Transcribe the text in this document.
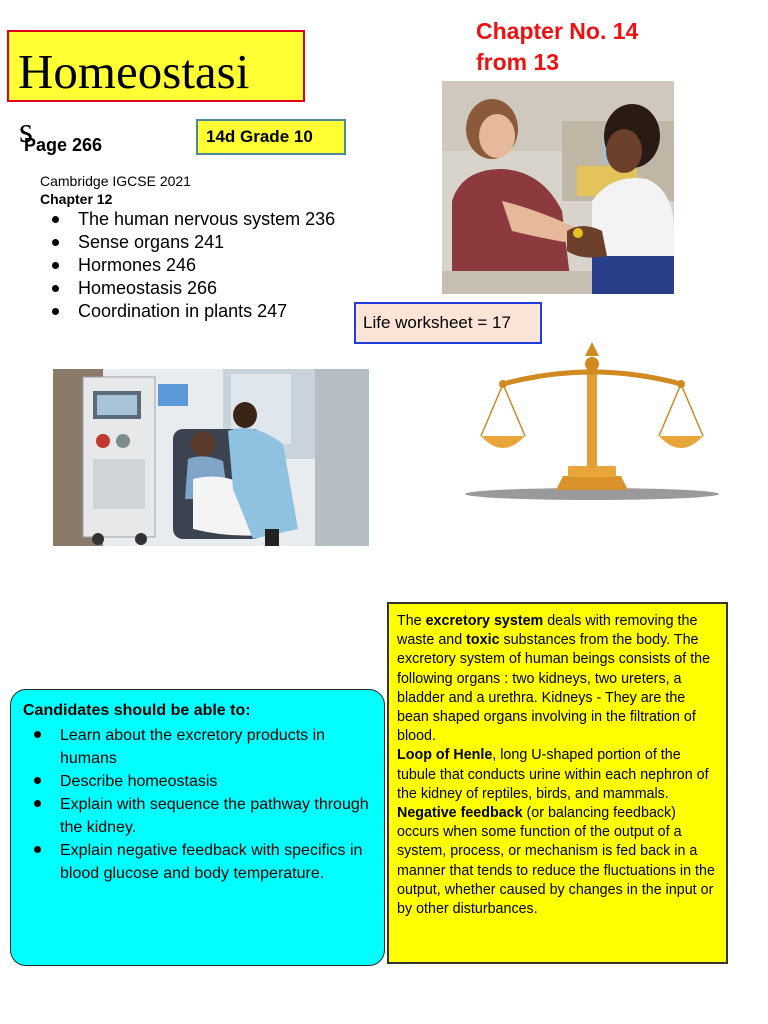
Homeostasi
s
Page 266
Chapter No. 14
from 13
14d Grade 10
Cambridge IGCSE 2021
Chapter 12
The human nervous system 236
Sense organs 241
Hormones 246
Homeostasis 266
Coordination in plants 247
Life worksheet = 17
Candidates should be able to:
Learn about the excretory products in humans
Describe homeostasis
Explain with sequence the pathway through the kidney.
Explain negative feedback with specifics in blood glucose and body temperature.

The excretory system deals with removing the waste and toxic substances from the body. The excretory system of human beings consists of the following organs : two kidneys, two ureters, a bladder and a urethra. Kidneys - They are the bean shaped organs involving in the filtration of blood.

Loop of Henle, long U-shaped portion of the tubule that conducts urine within each nephron of the kidney of reptiles, birds, and mammals.

Negative feedback (or balancing feedback) occurs when some function of the output of a system, process, or mechanism is fed back in a manner that tends to reduce the fluctuations in the output, whether caused by changes in the input or by other disturbances.
